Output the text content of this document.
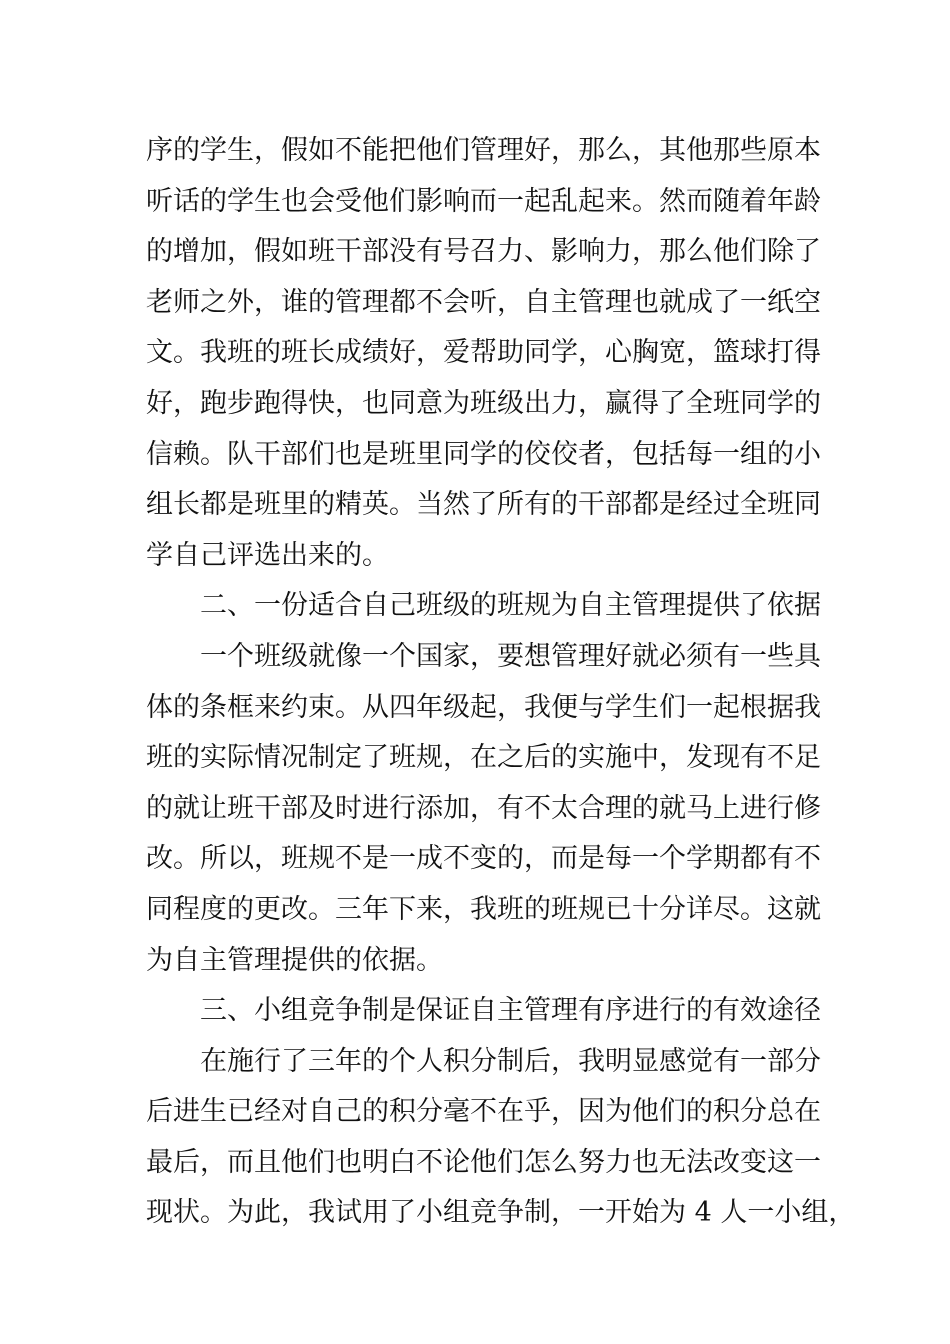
序的学生，假如不能把他们管理好，那么，其他那些原本
听话的学生也会受他们影响而一起乱起来。然而随着年龄
的增加，假如班干部没有号召力、影响力，那么他们除了
老师之外，谁的管理都不会听，自主管理也就成了一纸空
文。我班的班长成绩好，爱帮助同学，心胸宽，篮球打得
好，跑步跑得快，也同意为班级出力，赢得了全班同学的
信赖。队干部们也是班里同学的佼佼者，包括每一组的小
组长都是班里的精英。当然了所有的干部都是经过全班同
学自己评选出来的。
二、一份适合自己班级的班规为自主管理提供了依据
一个班级就像一个国家，要想管理好就必须有一些具
体的条框来约束。从四年级起，我便与学生们一起根据我
班的实际情况制定了班规，在之后的实施中，发现有不足
的就让班干部及时进行添加，有不太合理的就马上进行修
改。所以，班规不是一成不变的，而是每一个学期都有不
同程度的更改。三年下来，我班的班规已十分详尽。这就
为自主管理提供的依据。
三、小组竞争制是保证自主管理有序进行的有效途径
在施行了三年的个人积分制后，我明显感觉有一部分
后进生已经对自己的积分毫不在乎，因为他们的积分总在
最后，而且他们也明白不论他们怎么努力也无法改变这一
现状。为此，我试用了小组竞争制，一开始为 4 人一小组，
